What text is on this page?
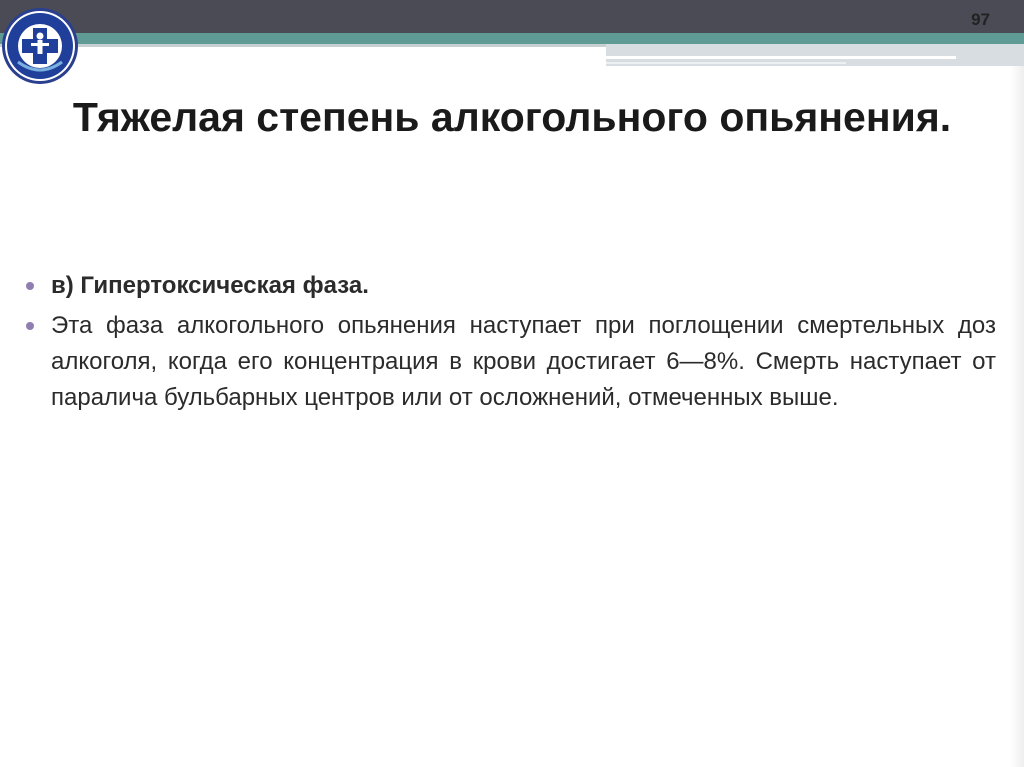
97
Тяжелая степень алкогольного опьянения.
в) Гипертоксическая фаза.
Эта фаза алкогольного опьянения наступает при поглощении смертельных доз алкоголя, когда его концентрация в крови достигает 6—8%. Смерть наступает от паралича бульбарных центров или от осложнений, отмеченных выше.
